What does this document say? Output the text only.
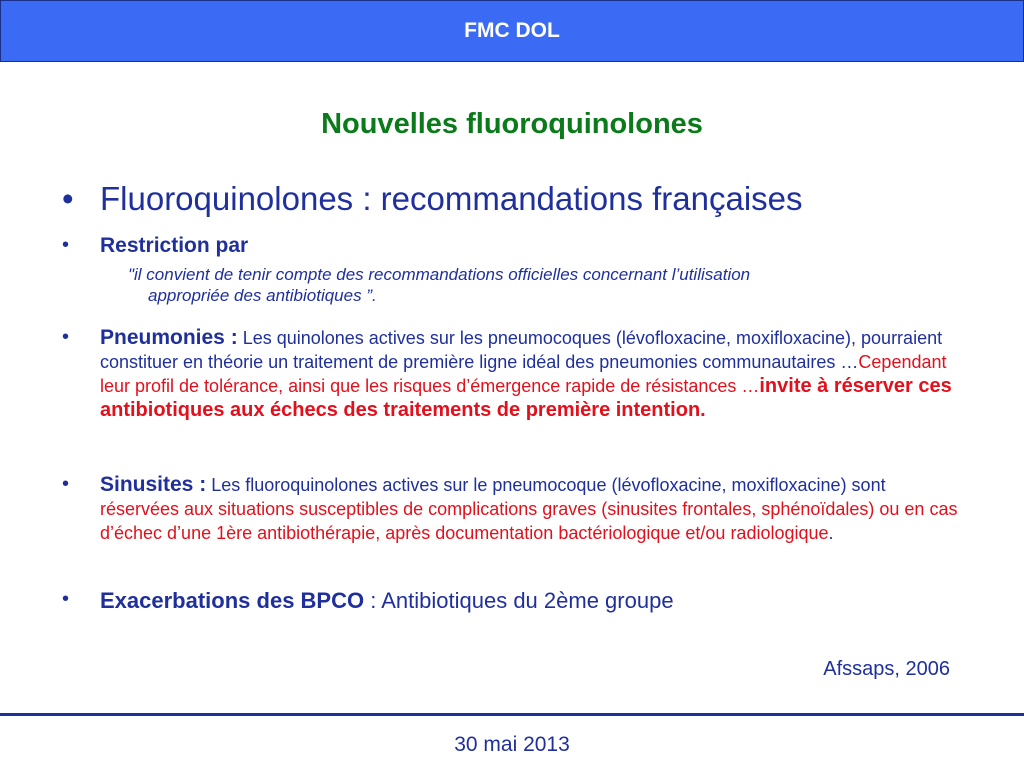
FMC DOL
Nouvelles fluoroquinolones
• Fluoroquinolones : recommandations françaises
• Restriction par
"il convient de tenir compte des recommandations officielles concernant l’utilisation
appropriée des antibiotiques ”.
• Pneumonies : Les quinolones actives sur les pneumocoques (lévofloxacine, moxifloxacine), pourraient constituer en théorie un traitement de première ligne idéal des pneumonies communautaires …Cependant leur profil de tolérance, ainsi que les risques d’émergence rapide de résistances …invite à réserver ces antibiotiques aux échecs des traitements de première intention.
• Sinusites : Les fluoroquinolones actives sur le pneumocoque (lévofloxacine, moxifloxacine) sont réservées aux situations susceptibles de complications graves (sinusites frontales, sphénoïdales) ou en cas d’échec d’une 1ère antibiothérapie, après documentation bactériologique et/ou radiologique.
• Exacerbations des BPCO : Antibiotiques du 2ème groupe
Afssaps, 2006
30 mai 2013
